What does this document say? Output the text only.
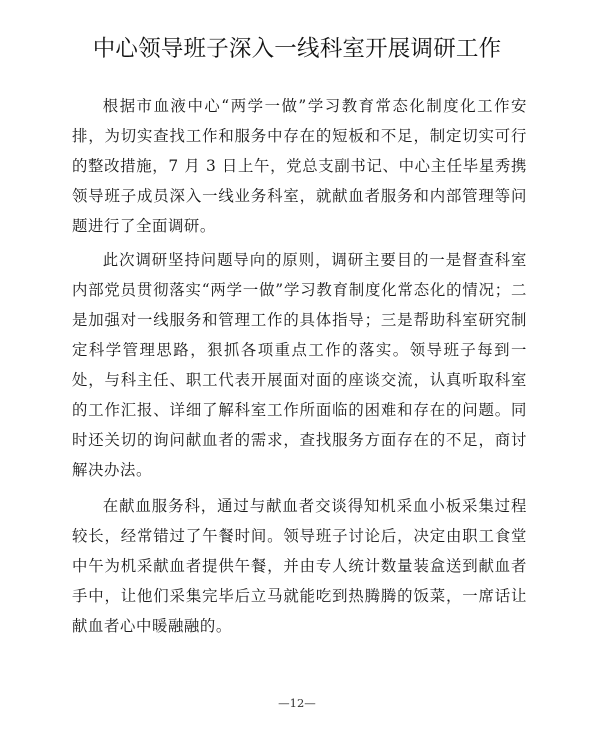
中心领导班子深入一线科室开展调研工作

根据市血液中心“两学一做”学习教育常态化制度化工作安排，为切实查找工作和服务中存在的短板和不足，制定切实可行的整改措施，7 月 3 日上午，党总支副书记、中心主任毕星秀携领导班子成员深入一线业务科室，就献血者服务和内部管理等问题进行了全面调研。

此次调研坚持问题导向的原则，调研主要目的一是督查科室内部党员贯彻落实“两学一做”学习教育制度化常态化的情况；二是加强对一线服务和管理工作的具体指导；三是帮助科室研究制定科学管理思路，狠抓各项重点工作的落实。领导班子每到一处，与科主任、职工代表开展面对面的座谈交流，认真听取科室的工作汇报、详细了解科室工作所面临的困难和存在的问题。同时还关切的询问献血者的需求，查找服务方面存在的不足，商讨解决办法。

在献血服务科，通过与献血者交谈得知机采血小板采集过程较长，经常错过了午餐时间。领导班子讨论后，决定由职工食堂中午为机采献血者提供午餐，并由专人统计数量装盒送到献血者手中，让他们采集完毕后立马就能吃到热腾腾的饭菜，一席话让献血者心中暖融融的。

—12—
